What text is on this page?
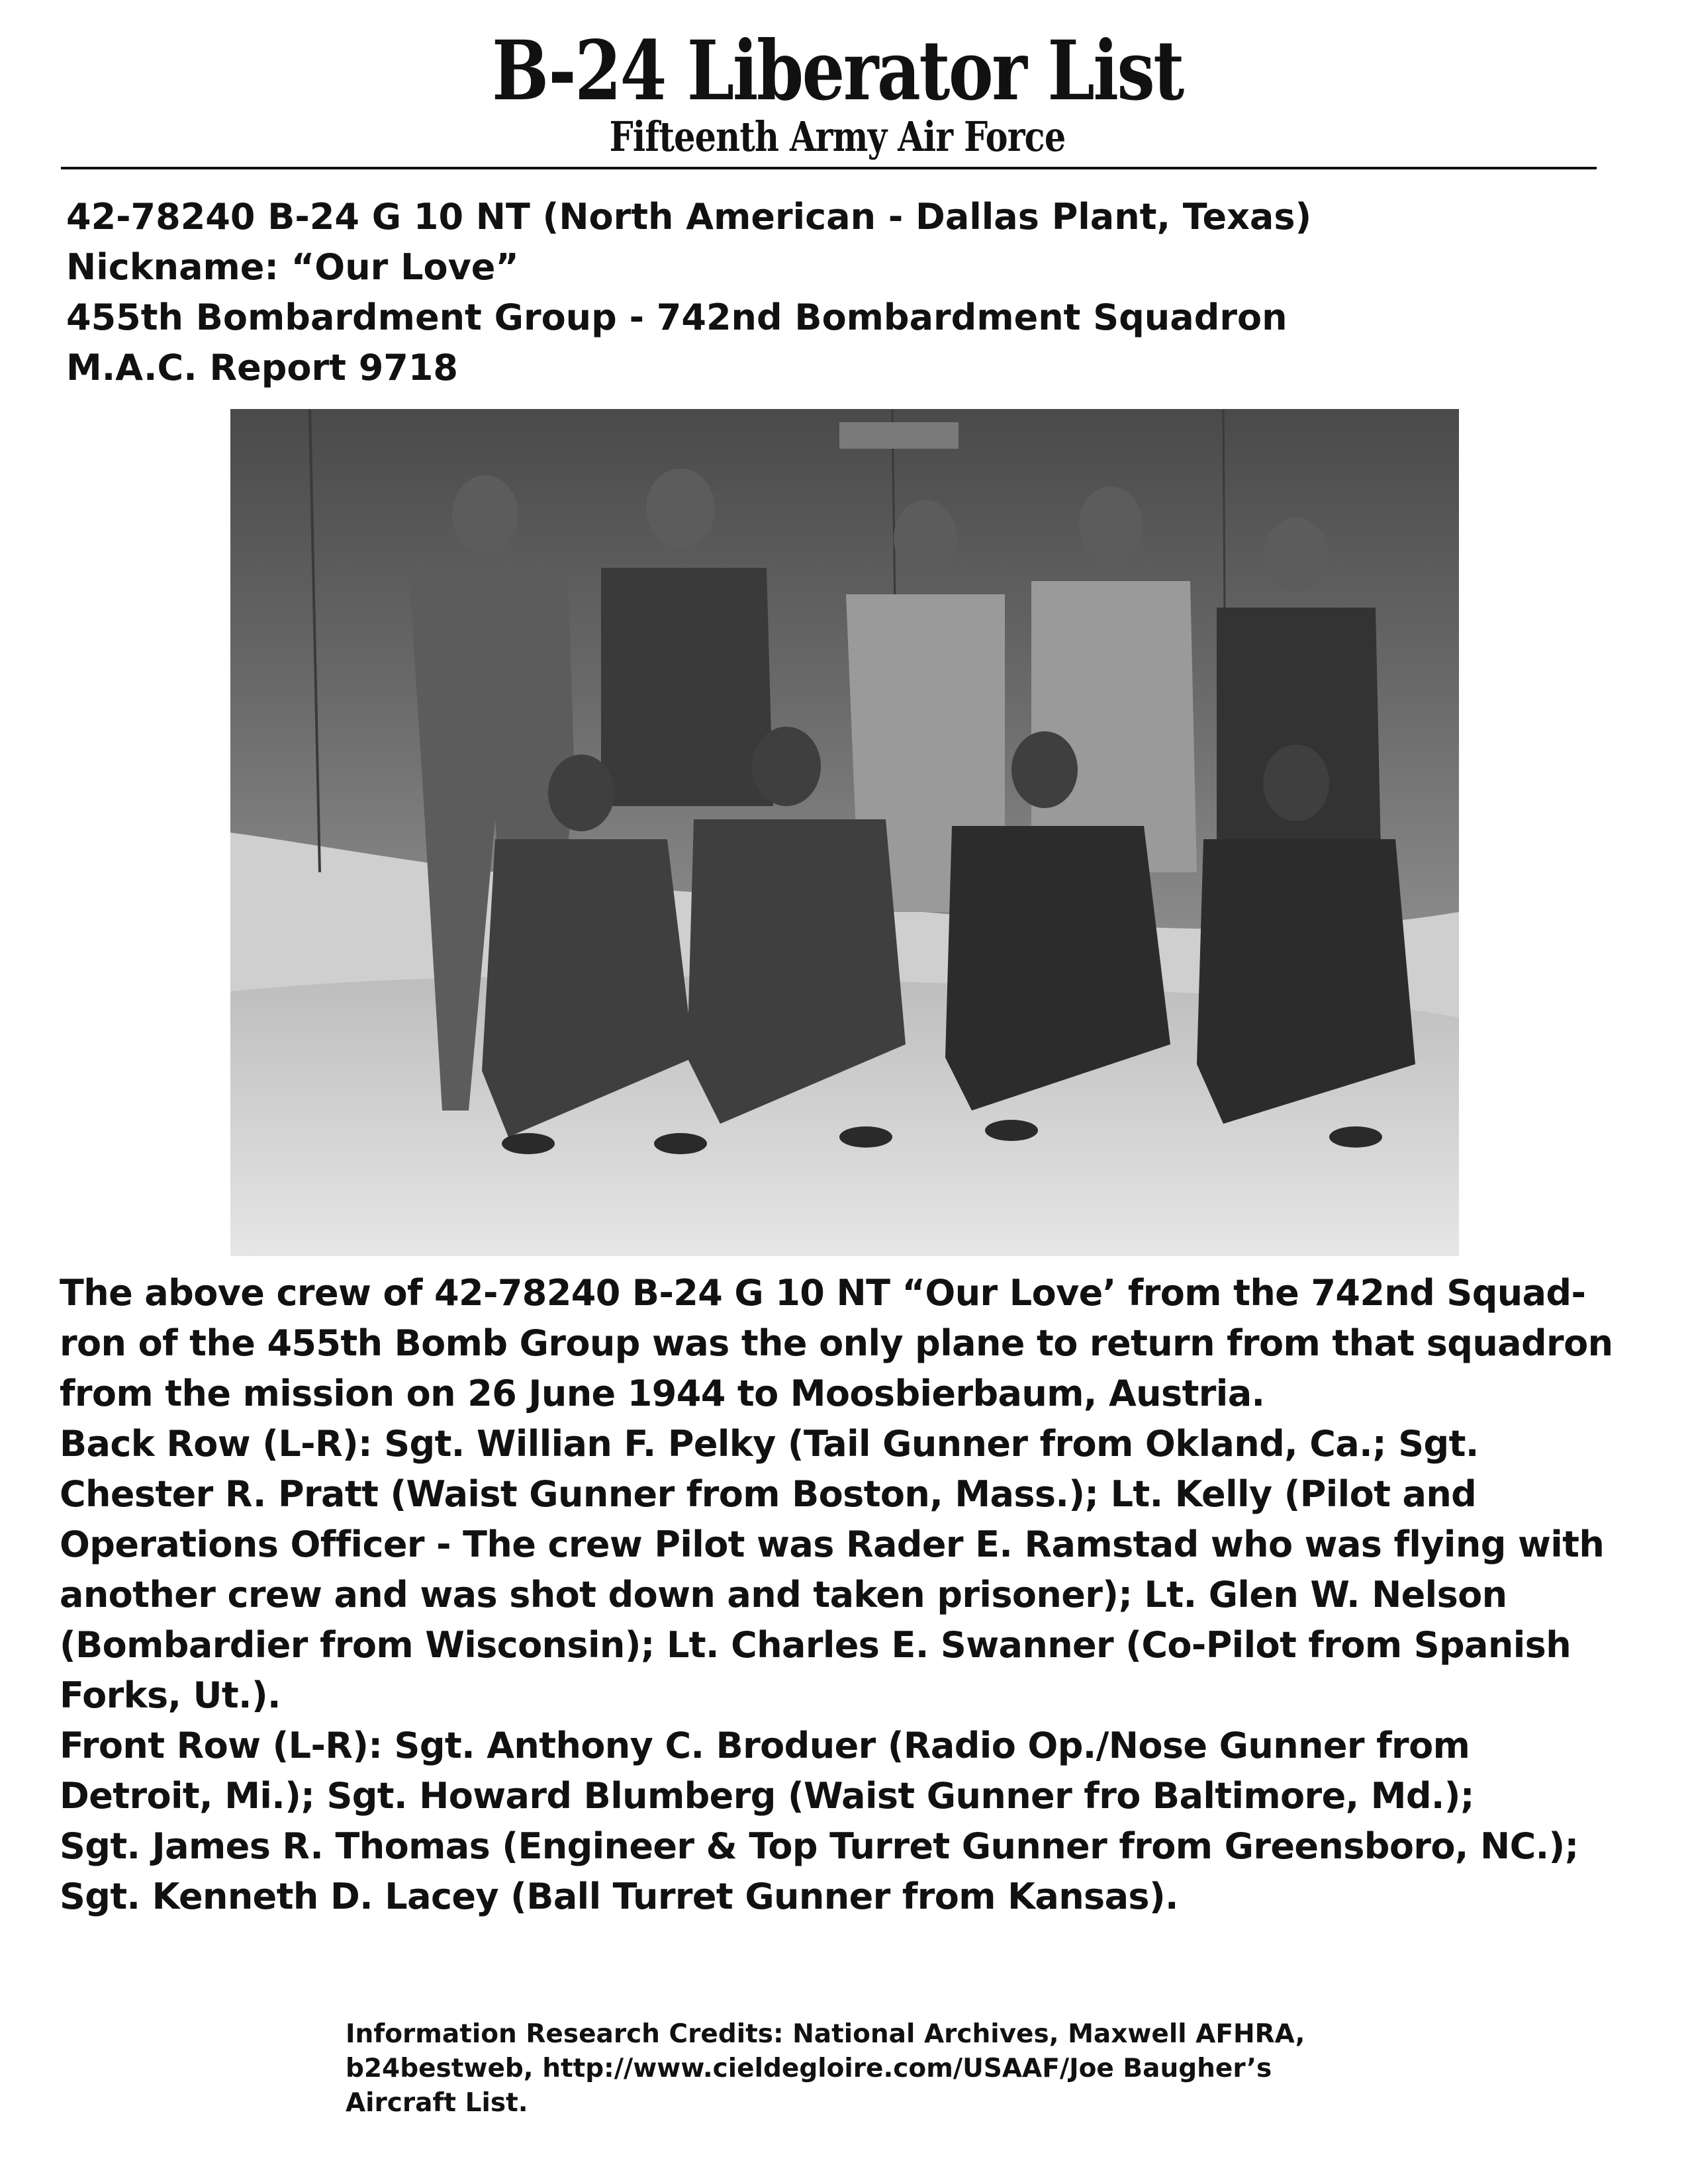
B-24 Liberator List
Fifteenth Army Air Force
42-78240 B-24 G 10 NT (North American - Dallas Plant, Texas)
Nickname: “Our Love”
455th Bombardment Group - 742nd Bombardment Squadron
M.A.C. Report 9718
The above crew of 42-78240 B-24 G 10 NT “Our Love’ from the 742nd Squad-
ron of the 455th Bomb Group was the only plane to return from that squadron
from the mission on 26 June 1944 to Moosbierbaum, Austria.
Back Row (L-R): Sgt. Willian F. Pelky (Tail Gunner from Okland, Ca.; Sgt.
Chester R. Pratt (Waist Gunner from Boston, Mass.); Lt. Kelly (Pilot and
Operations Officer - The crew Pilot was Rader E. Ramstad who was flying with
another crew and was shot down and taken prisoner); Lt. Glen W. Nelson
(Bombardier from Wisconsin); Lt. Charles E. Swanner (Co-Pilot from Spanish
Forks, Ut.).
Front Row (L-R): Sgt. Anthony C. Broduer (Radio Op./Nose Gunner from
Detroit, Mi.); Sgt. Howard Blumberg (Waist Gunner fro Baltimore, Md.);
Sgt. James R. Thomas (Engineer & Top Turret Gunner from Greensboro, NC.);
Sgt. Kenneth D. Lacey (Ball Turret Gunner from Kansas).
Information Research Credits: National Archives, Maxwell AFHRA,
b24bestweb, http://www.cieldegloire.com/USAAF/Joe Baugher’s
Aircraft List.
